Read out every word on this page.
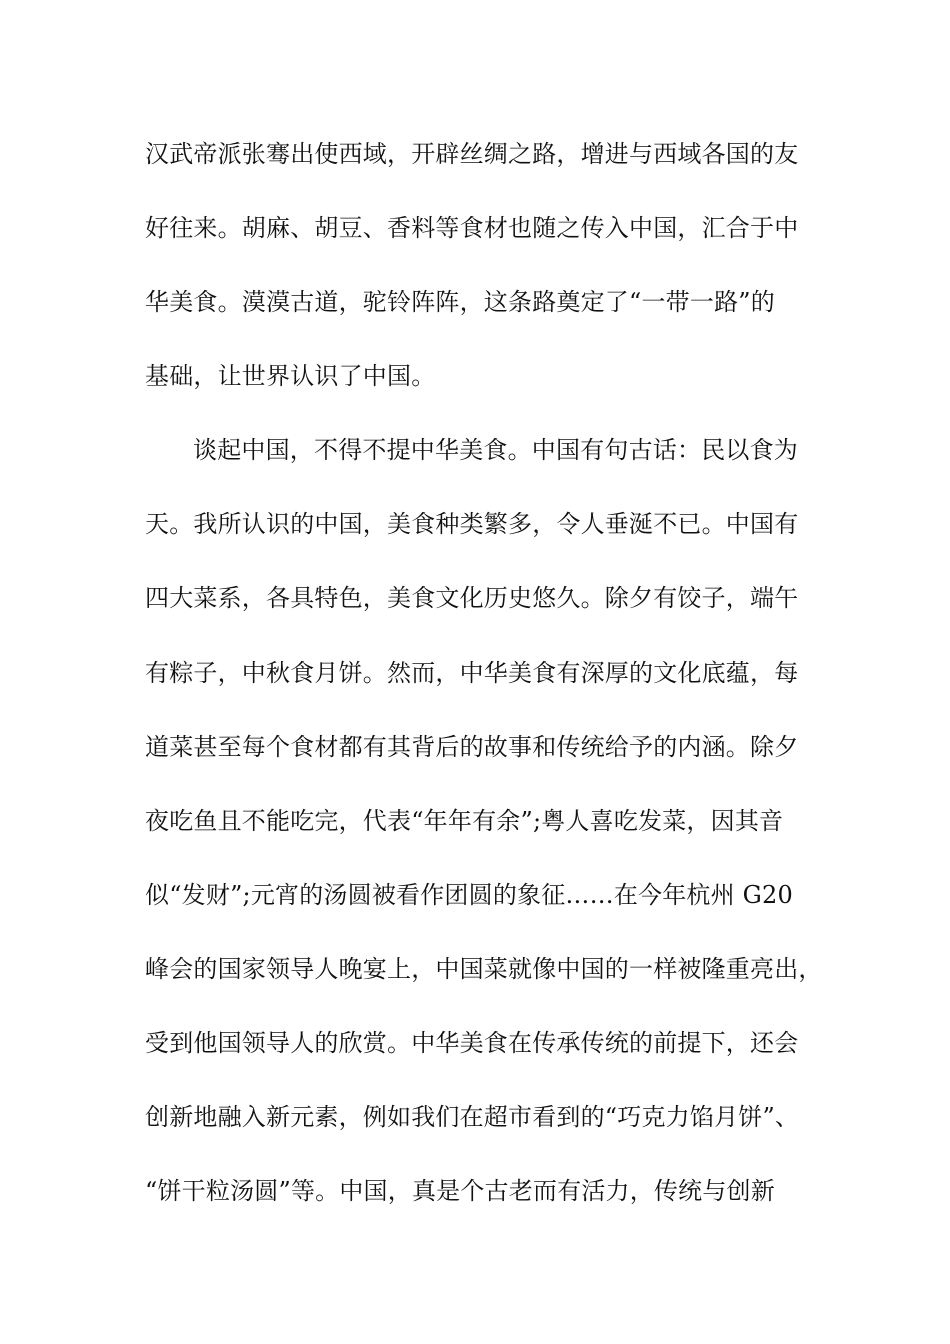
汉武帝派张骞出使西域，开辟丝绸之路，增进与西域各国的友
好往来。胡麻、胡豆、香料等食材也随之传入中国，汇合于中
华美食。漠漠古道，驼铃阵阵，这条路奠定了“一带一路”的
基础，让世界认识了中国。
谈起中国，不得不提中华美食。中国有句古话：民以食为
天。我所认识的中国，美食种类繁多，令人垂涎不已。中国有
四大菜系，各具特色，美食文化历史悠久。除夕有饺子，端午
有粽子，中秋食月饼。然而，中华美食有深厚的文化底蕴，每
道菜甚至每个食材都有其背后的故事和传统给予的内涵。除夕
夜吃鱼且不能吃完，代表“年年有余”;粤人喜吃发菜，因其音
似“发财”;元宵的汤圆被看作团圆的象征……在今年杭州 G20
峰会的国家领导人晚宴上，中国菜就像中国的一样被隆重亮出，
受到他国领导人的欣赏。中华美食在传承传统的前提下，还会
创新地融入新元素，例如我们在超市看到的“巧克力馅月饼”、
“饼干粒汤圆”等。中国，真是个古老而有活力，传统与创新
